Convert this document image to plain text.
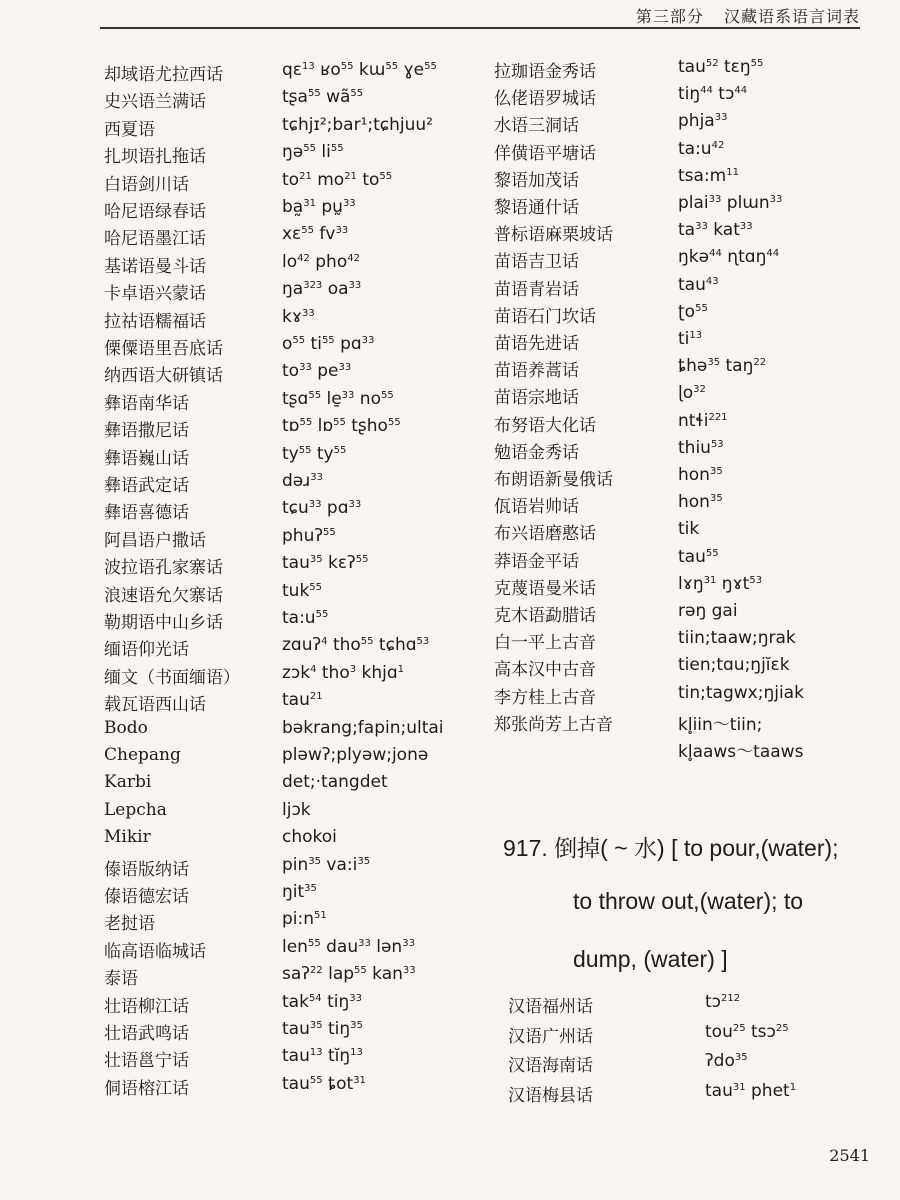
第三部分 汉藏语系语言词表
却域语尤拉西话	qɛ$^{13}$ ʁo$^{55}$ kɯ$^{55}$ ɣe$^{55}$
史兴语兰满话	tʂa$^{55}$ $wã^{55}$
西夏语	tɕhjɪ²;bar¹;tɕhjuu²
扎坝语扎拖话	ŋə$^{55}$ $li^{55}$
白语剑川话	$to^{21}$ $mo^{21}$ $to^{55}$
哈尼语绿春话	ba̰$^{31}$ pṵ$^{33}$
哈尼语墨江话	xɛ$^{55}$ $fv^{33}$
基诺语曼斗话	$lo^{42}$ pho$^{42}$
卡卓语兴蒙话	$ŋa^{323}$ $oa^{33}$
拉祜语糯福话	kɤ$^{33}$
傈僳语里吾底话	$o^{55}$ $ti^{55}$ pɑ$^{33}$
纳西语大研镇话	$to^{33}$ $pe^{33}$
彝语南华话	tʂɑ$^{55}$ le̱$^{33}$ $no^{55}$
彝语撒尼话	tɒ$^{55}$ lɒ$^{55}$ tʂho$^{55}$
彝语巍山话	$ty^{55}$ $ty^{55}$
彝语武定话	dəɹ$^{33}$
彝语喜德话	tɕu$^{33}$ pɑ$^{33}$
阿昌语户撒话	phuʔ$^{55}$
波拉语孔家寨话	tau$^{35}$ kɛʔ$^{55}$
浪速语允欠寨话	tuk$^{55}$
勒期语中山乡话	$ta:u^{55}$
缅语仰光话	zɑuʔ$^4$ tho$^{55}$ tɕhɑ$^{53}$
缅文（书面缅语） zɔk$^4$ tho$^3$ khjɑ$^1$
载瓦语西山话	tau$^{21}$
Bodo	bəkrang;fapin;ultai
Chepang	pləwʔ;plyəw;jonə
Karbi	det;·tangdet
Lepcha	ljɔk
Mikir	chokoi
傣语版纳话	pin$^{35}$ $va:i^{35}$
傣语德宏话	ŋit$^{35}$
老挝语	$pi:n^{51}$
临高语临城话	len$^{55}$ dau$^{33}$ lən$^{33}$
泰语	saʔ$^{22}$ lap$^{55}$ kan$^{33}$
壮语柳江话	tak$^{54}$ tiŋ$^{33}$
壮语武鸣话	tau$^{35}$ tiŋ$^{35}$
壮语邕宁话	tau$^{13}$ tĭŋ$^{13}$
侗语榕江话	tau$^{55}$ ȶot$^{31}$
拉珈语金秀话	tau$^{52}$ tɛŋ$^{55}$
仫佬语罗城话	tiŋ$^{44}$ tɔ$^{44}$
水语三洞话	phja$^{33}$
佯僙语平塘话	$ta:u^{42}$
黎语加茂话	$tsa:m^{11}$
黎语通什话	plai$^{33}$ plɯn$^{33}$
普标语麻栗坡话	$ta^{33}$ kat$^{33}$
苗语吉卫话	ŋkə$^{44}$ ɳtɑŋ$^{44}$
苗语青岩话	tau$^{43}$
苗语石门坎话	ʈo$^{55}$
苗语先进话	$ti^{13}$
苗语养蒿话	ȶhə$^{35}$ taŋ$^{22}$
苗语宗地话	ɭo$^{32}$
布努语大化话	ntɬi$^{221}$
勉语金秀话	thiu$^{53}$
布朗语新曼俄话	hon$^{35}$
佤语岩帅话	hon$^{35}$
布兴语磨憨话	tik
莽语金平话	tau$^{55}$
克蔑语曼米话	lɤŋ$^{31}$ ŋɤt$^{53}$
克木语勐腊话	rəŋ gai
白一平上古音	tiin;taaw;ŋrak
高本汉中古音	tien;tɑu;ŋjĭɛk
李方桂上古音	tin;tagwx;ŋjiak
郑张尚芳上古音	kl̥iin～tiin;
kl̥aaws～taaws
917. 倒掉( ~ 水) [ to pour,(water);
to throw out,(water); to
dump, (water) ]
汉语福州话	tɔ$^{212}$
汉语广州话	tou$^{25}$ tsɔ$^{25}$
汉语海南话	ʔdo$^{35}$
汉语梅县话	tau$^{31}$ phet$^1$
2541
